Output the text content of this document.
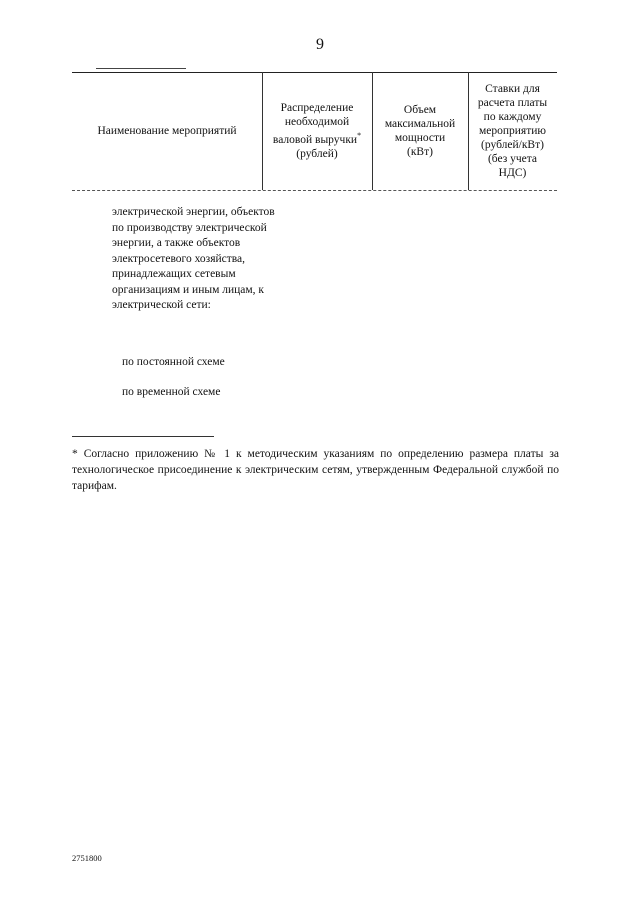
9
Наименование мероприятий
Распределение необходимой валовой выручки*
(рублей)
Объем максимальной мощности (кВт)
Ставки для расчета платы по каждому мероприятию (рублей/кВт) (без учета НДС)
электрической энергии, объектов по производству электрической энергии, а также объектов электросетевого хозяйства, принадлежащих сетевым организациям и иным лицам, к электрической сети:
по постоянной схеме
по временной схеме
* Согласно приложению № 1 к методическим указаниям по определению размера платы за технологическое присоединение к электрическим сетям, утвержденным Федеральной службой по тарифам.
2751800
